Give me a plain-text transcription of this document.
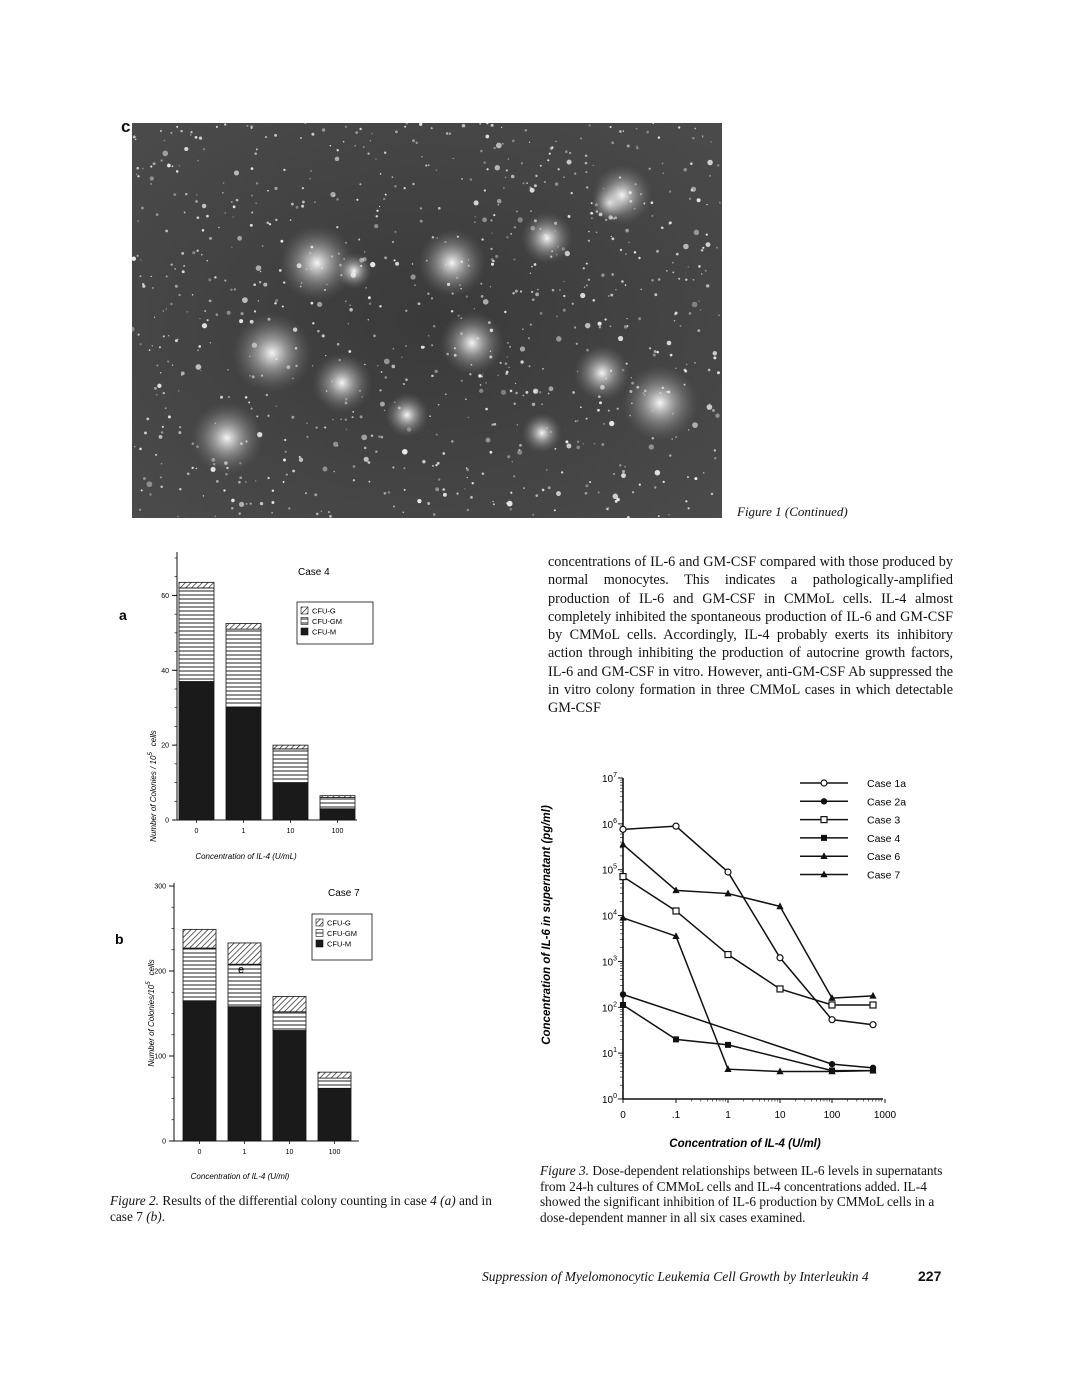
c
Figure 1 (Continued)

concentrations of IL-6 and GM-CSF compared with those produced by normal monocytes. This indicates a pathologically-amplified production of IL-6 and GM-CSF in CMMoL cells. IL-4 almost completely inhibited the spontaneous production of IL-6 and GM-CSF by CMMoL cells. Accordingly, IL-4 probably exerts its inhibitory action through inhibiting the production of autocrine growth factors, IL-6 and GM-CSF in vitro. However, anti-GM-CSF Ab suppressed the in vitro colony formation in three CMMoL cases in which detectable GM-CSF

a
Number of Colonies / $10^5cells$
Case 4
0
20
40
60
0	1	10	100
CFU-G
CFU-GM
CFU-M
Concentration of IL-4 (U/mL)
b
Number of Colonies/$10^5cells$
Case 7
0
100
200
300
0	1	10	100
CFU-G
CFU-GM
CFU-M
e
Concentration of IL-4 (U/ml)
$10^0$
$10^1$
$10^2$
$10^3$
$10^4$
$10^5$
$10^6$
$10^7$
0	.1	1	10	100	1000
Case 1a
Case 2a
Case 3
Case 4
Case 6
Case 7
Concentration of IL-6 in supernatant (pg/ml)
Concentration of IL-4 (U/ml)
Figure 2. Results of the differential colony counting in case 4 (a) and in case 7 (b).
Figure 3. Dose-dependent relationships between IL-6 levels in supernatants from 24-h cultures of CMMoL cells and IL-4 concentrations added. IL-4 showed the significant inhibition of IL-6 production by CMMoL cells in a dose-dependent manner in all six cases examined.
Suppression of Myelomonocytic Leukemia Cell Growth by Interleukin 4	227
